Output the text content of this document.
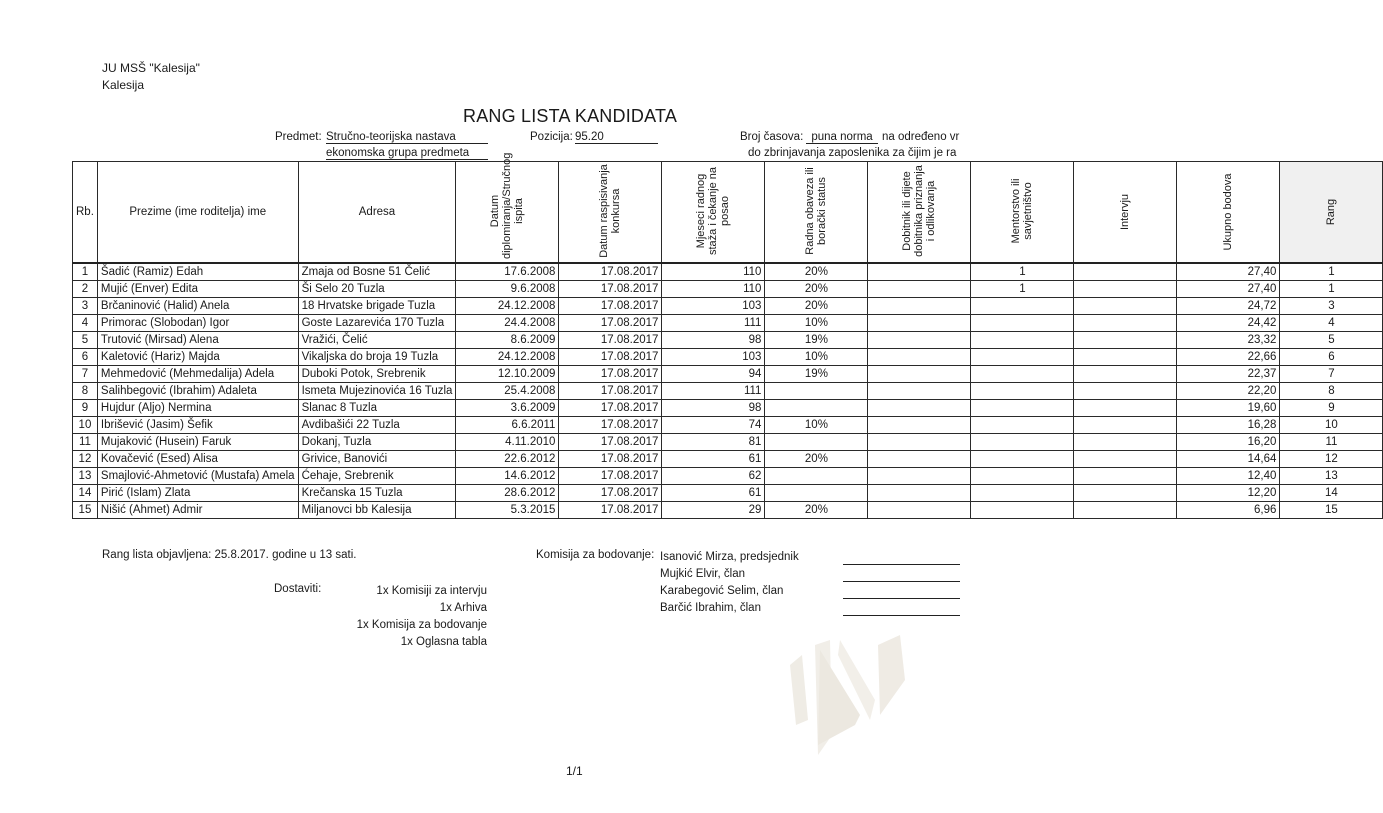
JU MSŠ "Kalesija"
Kalesija
RANG LISTA KANDIDATA
Predmet: Stručno-teorijska nastava
ekonomska grupa predmeta
Pozicija: 95.20	Broj časova: puna norma na određeno vr
do zbrinjavanja zaposlenika za čijim je ra
Rb.	Prezime (ime roditelja) ime	Adresa	Datum diplomiranja/Stručnog ispita	Datum raspisivanja konkursa	Mjeseci radnog staža i čekanje na posao	Radna obaveza ili borački status	Dobitnik ili dijete dobitnika priznanja i odlikovanja	Mentorstvo ili savjetništvo	Intervju	Ukupno bodova	Rang
1	Šadić (Ramiz) Edah	Zmaja od Bosne 51 Čelić	17.6.2008	17.08.2017	110	20%		1		27,40	1
2	Mujić (Enver) Edita	Ši Selo 20 Tuzla	9.6.2008	17.08.2017	110	20%		1		27,40	1
3	Brčaninović (Halid) Anela	18 Hrvatske brigade Tuzla	24.12.2008	17.08.2017	103	20%				24,72	3
4	Primorac (Slobodan) Igor	Goste Lazarevića 170 Tuzla	24.4.2008	17.08.2017	111	10%				24,42	4
5	Trutović (Mirsad) Alena	Vražići, Čelić	8.6.2009	17.08.2017	98	19%				23,32	5
6	Kaletović (Hariz) Majda	Vikaljska do broja 19 Tuzla	24.12.2008	17.08.2017	103	10%				22,66	6
7	Mehmedović (Mehmedalija) Adela	Duboki Potok, Srebrenik	12.10.2009	17.08.2017	94	19%				22,37	7
8	Salihbegović (Ibrahim) Adaleta	Ismeta Mujezinovića 16 Tuzla	25.4.2008	17.08.2017	111					22,20	8
9	Hujdur (Aljo) Nermina	Slanac 8 Tuzla	3.6.2009	17.08.2017	98					19,60	9
10	Ibrišević (Jasim) Šefik	Avdibašići 22 Tuzla	6.6.2011	17.08.2017	74	10%				16,28	10
11	Mujaković (Husein) Faruk	Dokanj, Tuzla	4.11.2010	17.08.2017	81					16,20	11
12	Kovačević (Esed) Alisa	Grivice, Banovići	22.6.2012	17.08.2017	61	20%				14,64	12
13	Smajlović-Ahmetović (Mustafa) Amela	Ćehaje, Srebrenik	14.6.2012	17.08.2017	62					12,40	13
14	Pirić (Islam) Zlata	Krečanska 15 Tuzla	28.6.2012	17.08.2017	61					12,20	14
15	Nišić (Ahmet) Admir	Miljanovci bb Kalesija	5.3.2015	17.08.2017	29	20%				6,96	15
Rang lista objavljena: 25.8.2017. godine u 13 sati.
Dostaviti:	1x Komisiji za intervju
1x Arhiva
1x Komisija za bodovanje
1x Oglasna tabla
Komisija za bodovanje: Isanović Mirza, predsjednik
Mujkić Elvir, član
Karabegović Selim, član
Barčić Ibrahim, član
1/1
